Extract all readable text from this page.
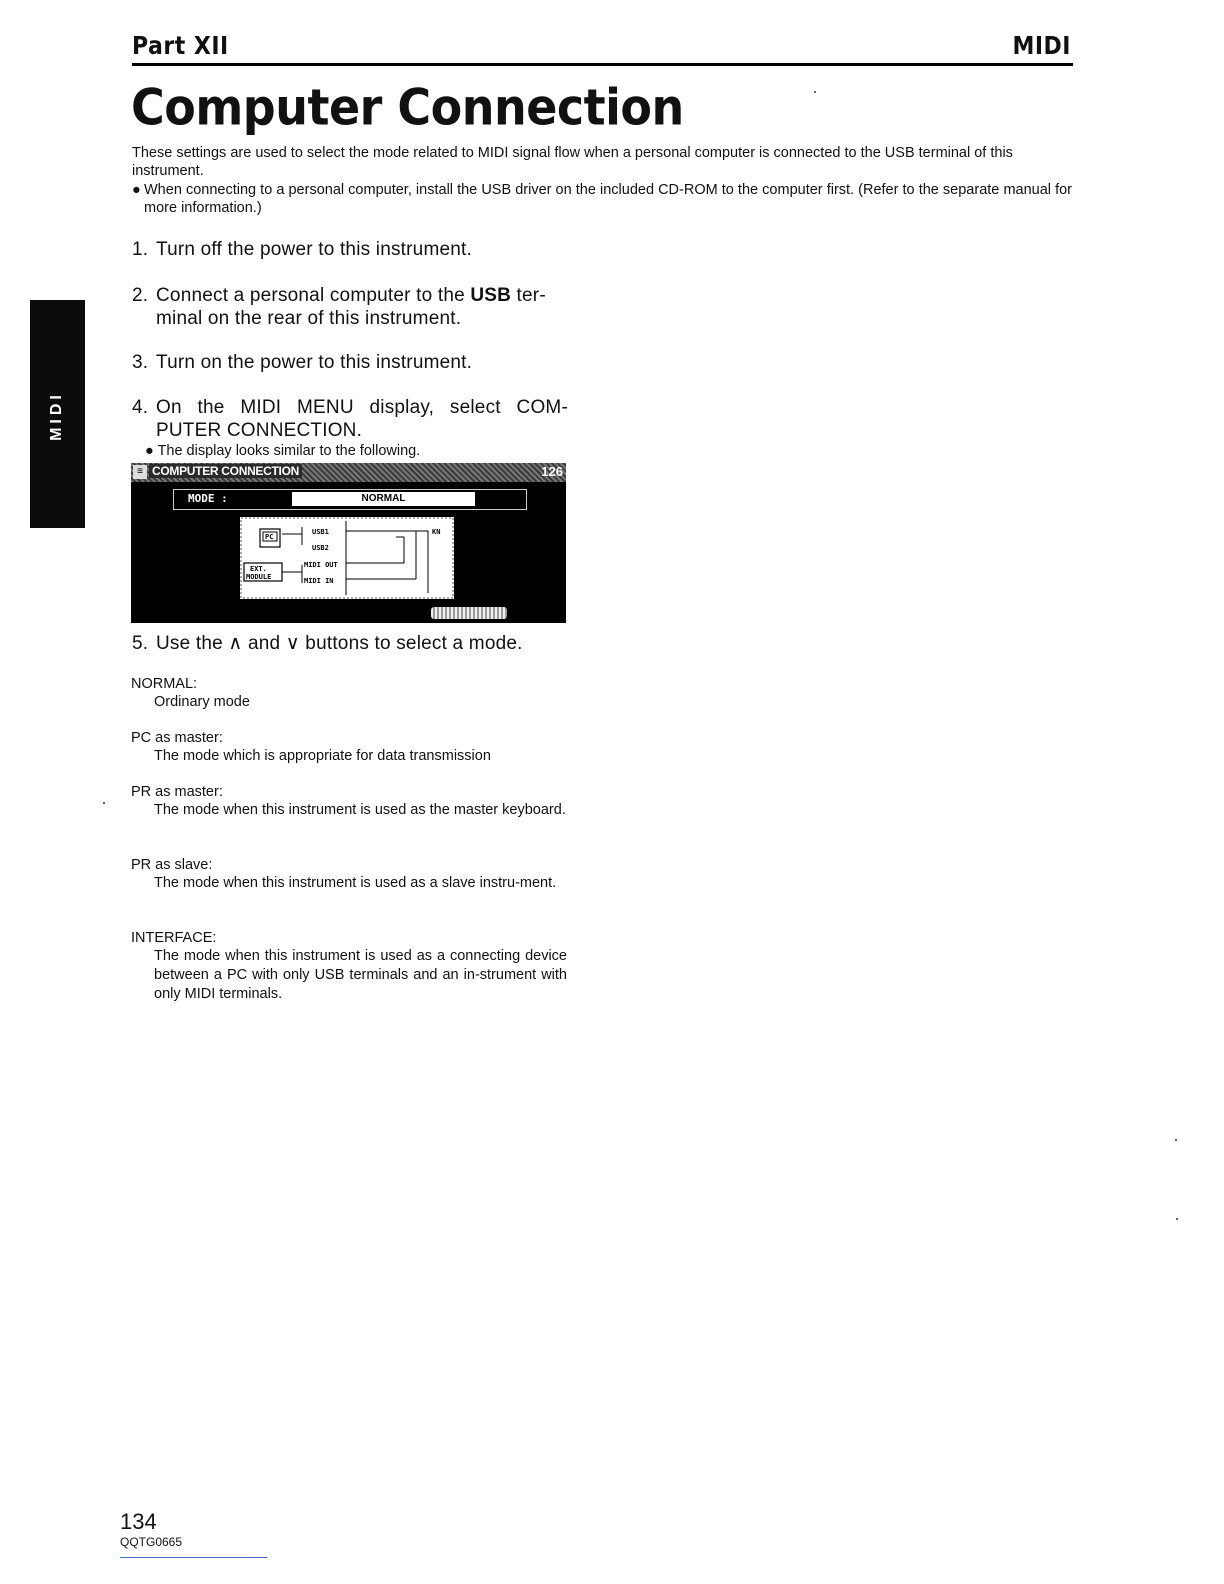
Part XII	MIDI
Computer Connection
These settings are used to select the mode related to MIDI signal flow when a personal computer is connected to the USB terminal of this instrument.
● When connecting to a personal computer, install the USB driver on the included CD-ROM to the computer first. (Refer to the separate manual for more information.)
MIDI
1. Turn off the power to this instrument.
2. Connect a personal computer to the USB ter-
minal on the rear of this instrument.
3. Turn on the power to this instrument.
4. On the MIDI MENU display, select COM-
PUTER CONNECTION.
● The display looks similar to the following.
≡ COMPUTER CONNECTION	126
MODE :	NORMAL
PC
EXT.
MODULE
USB1
USB2
MIDI OUT
MIDI IN
KN
5. Use the ∧ and ∨ buttons to select a mode.
NORMAL:
Ordinary mode
PC as master:
The mode which is appropriate for data transmission
PR as master:
The mode when this instrument is used as the master keyboard.
PR as slave:
The mode when this instrument is used as a slave instru-ment.
INTERFACE:
The mode when this instrument is used as a connecting device between a PC with only USB terminals and an in-strument with only MIDI terminals.
134
QQTG0665
